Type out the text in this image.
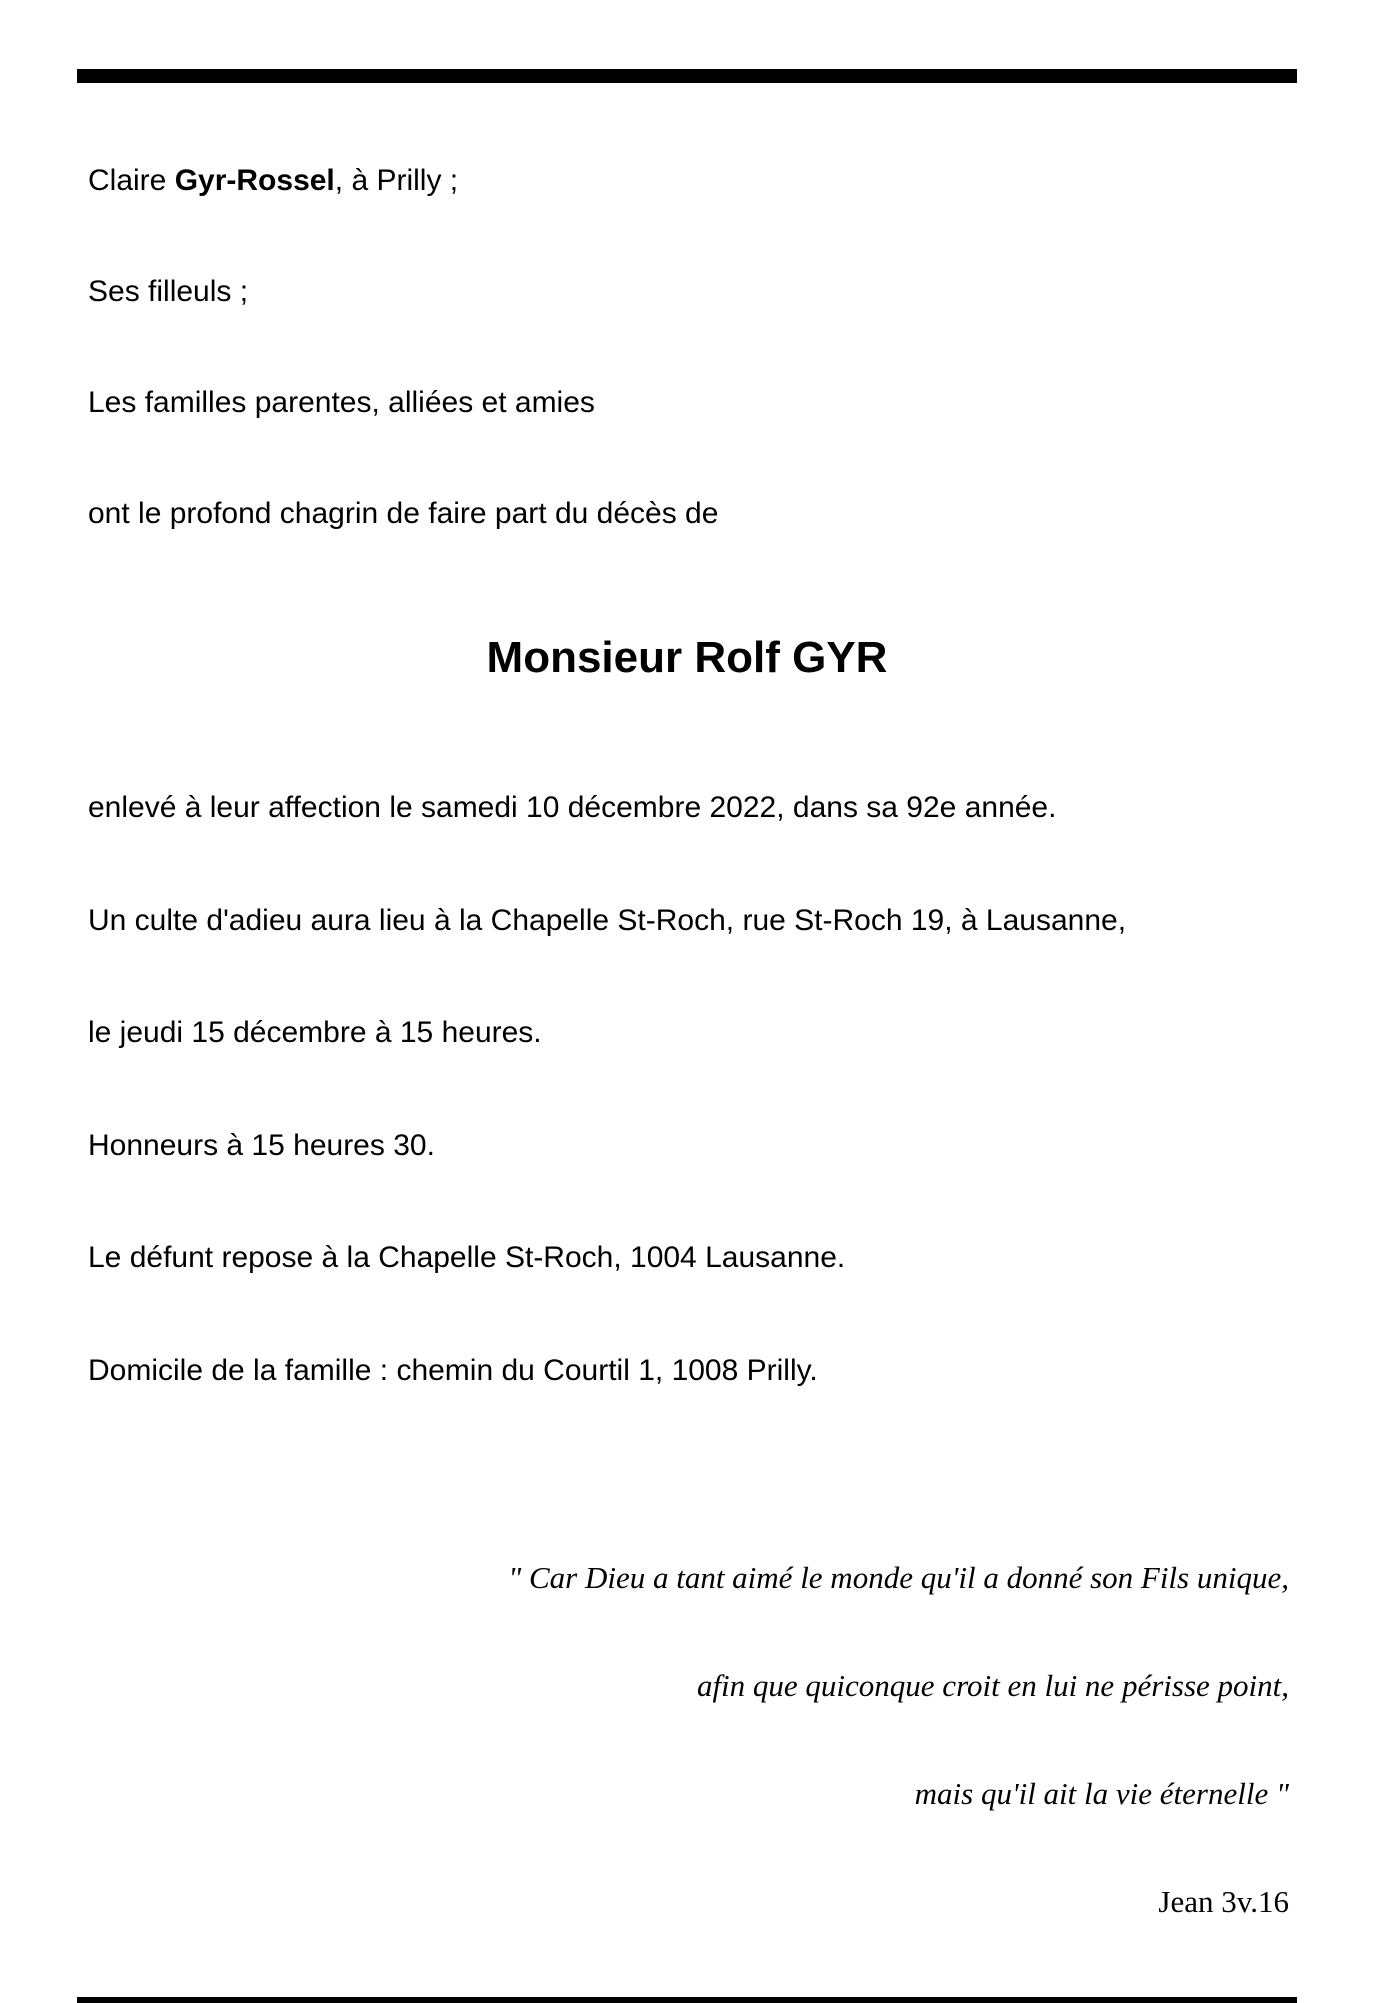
Claire Gyr-Rossel, à Prilly ;

Ses filleuls ;

Les familles parentes, alliées et amies

ont le profond chagrin de faire part du décès de

Monsieur Rolf GYR

enlevé à leur affection le samedi 10 décembre 2022, dans sa 92e année.

Un culte d'adieu aura lieu à la Chapelle St-Roch, rue St-Roch 19, à Lausanne,

le jeudi 15 décembre à 15 heures.

Honneurs à 15 heures 30.

Le défunt repose à la Chapelle St-Roch, 1004 Lausanne.

Domicile de la famille : chemin du Courtil 1, 1008 Prilly.

" Car Dieu a tant aimé le monde qu'il a donné son Fils unique,

afin que quiconque croit en lui ne périsse point,

mais qu'il ait la vie éternelle "

Jean 3v.16
